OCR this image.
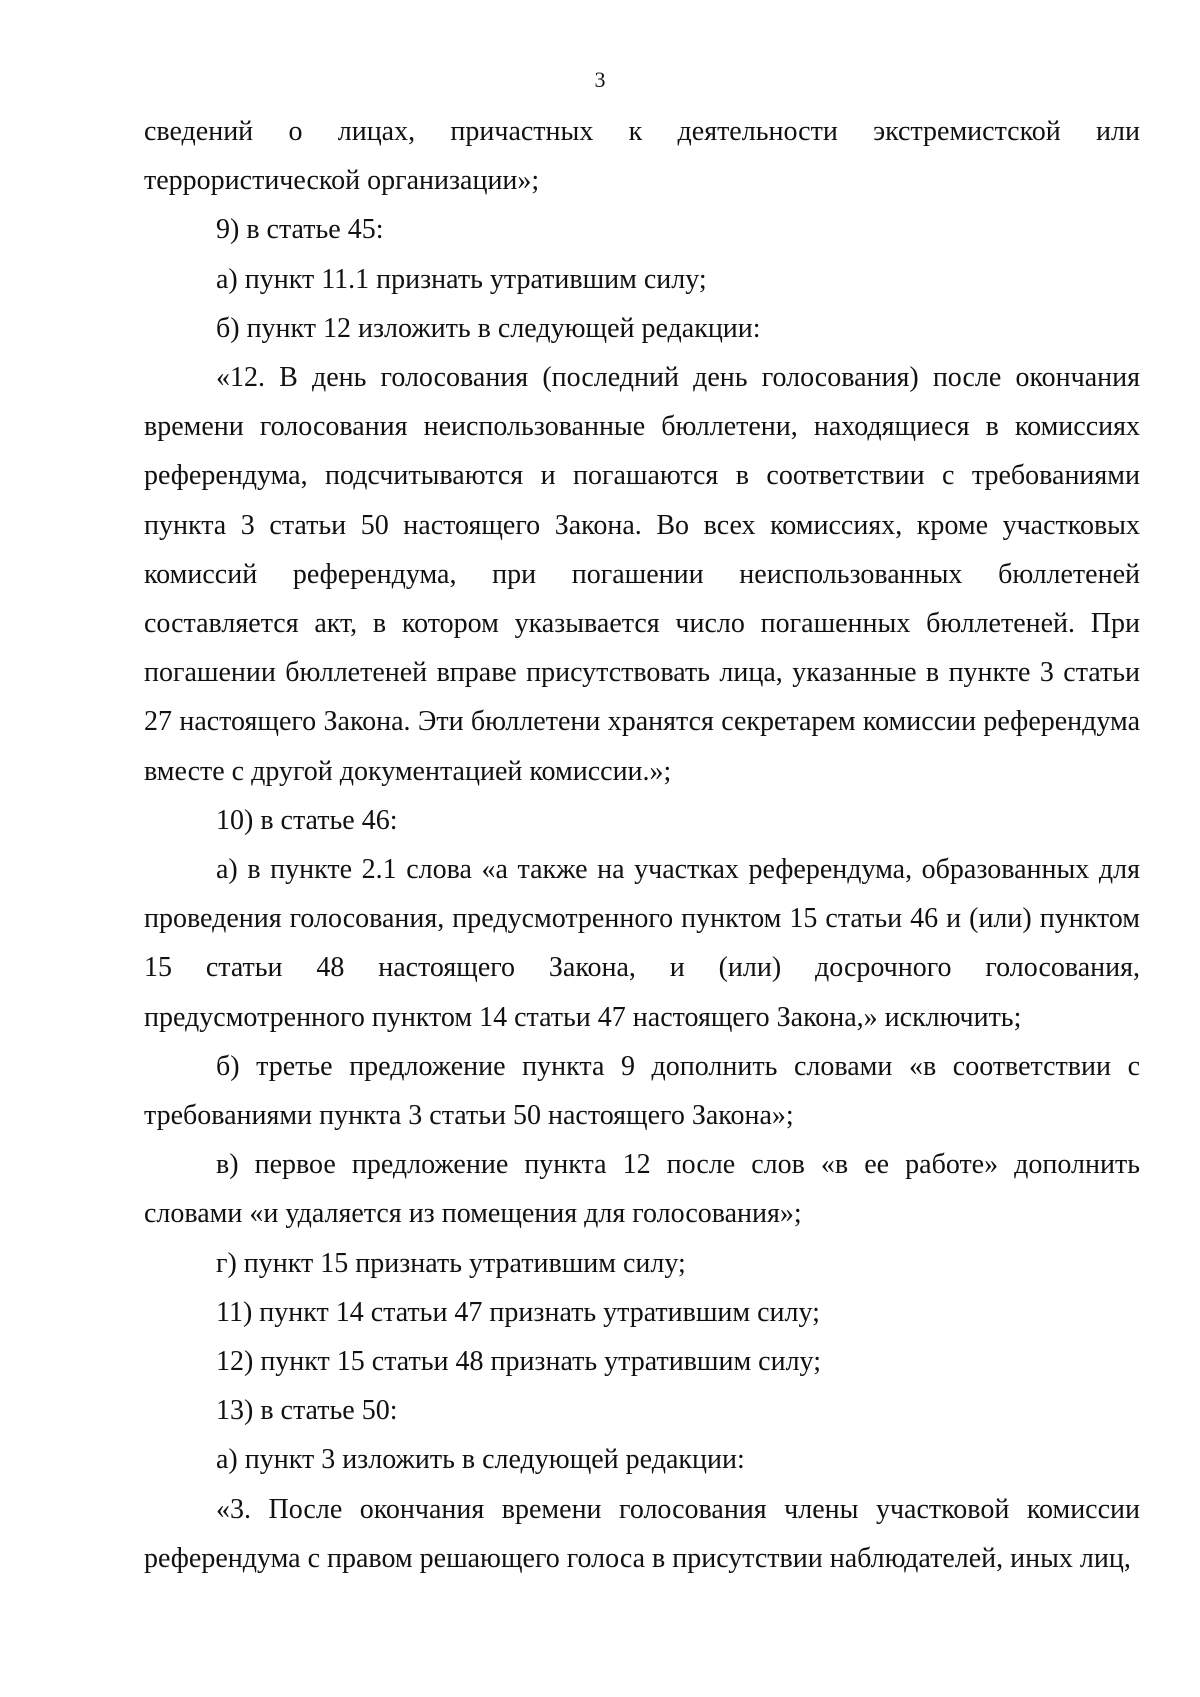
3

сведений о лицах, причастных к деятельности экстремистской или террористической организации»;

9) в статье 45:

а) пункт 11.1 признать утратившим силу;

б) пункт 12 изложить в следующей редакции:

«12. В день голосования (последний день голосования) после окончания времени голосования неиспользованные бюллетени, находящиеся в комиссиях референдума, подсчитываются и погашаются в соответствии с требованиями пункта 3 статьи 50 настоящего Закона. Во всех комиссиях, кроме участковых комиссий референдума, при погашении неиспользованных бюллетеней составляется акт, в котором указывается число погашенных бюллетеней. При погашении бюллетеней вправе присутствовать лица, указанные в пункте 3 статьи 27 настоящего Закона. Эти бюллетени хранятся секретарем комиссии референдума вместе с другой документацией комиссии.»;

10) в статье 46:

а) в пункте 2.1 слова «а также на участках референдума, образованных для проведения голосования, предусмотренного пунктом 15 статьи 46 и (или) пунктом 15 статьи 48 настоящего Закона, и (или) досрочного голосования, предусмотренного пунктом 14 статьи 47 настоящего Закона,» исключить;

б) третье предложение пункта 9 дополнить словами «в соответствии с требованиями пункта 3 статьи 50 настоящего Закона»;

в) первое предложение пункта 12 после слов «в ее работе» дополнить словами «и удаляется из помещения для голосования»;

г) пункт 15 признать утратившим силу;

11) пункт 14 статьи 47 признать утратившим силу;

12) пункт 15 статьи 48 признать утратившим силу;

13) в статье 50:

а) пункт 3 изложить в следующей редакции:

«3. После окончания времени голосования члены участковой комиссии референдума с правом решающего голоса в присутствии наблюдателей, иных лиц,
